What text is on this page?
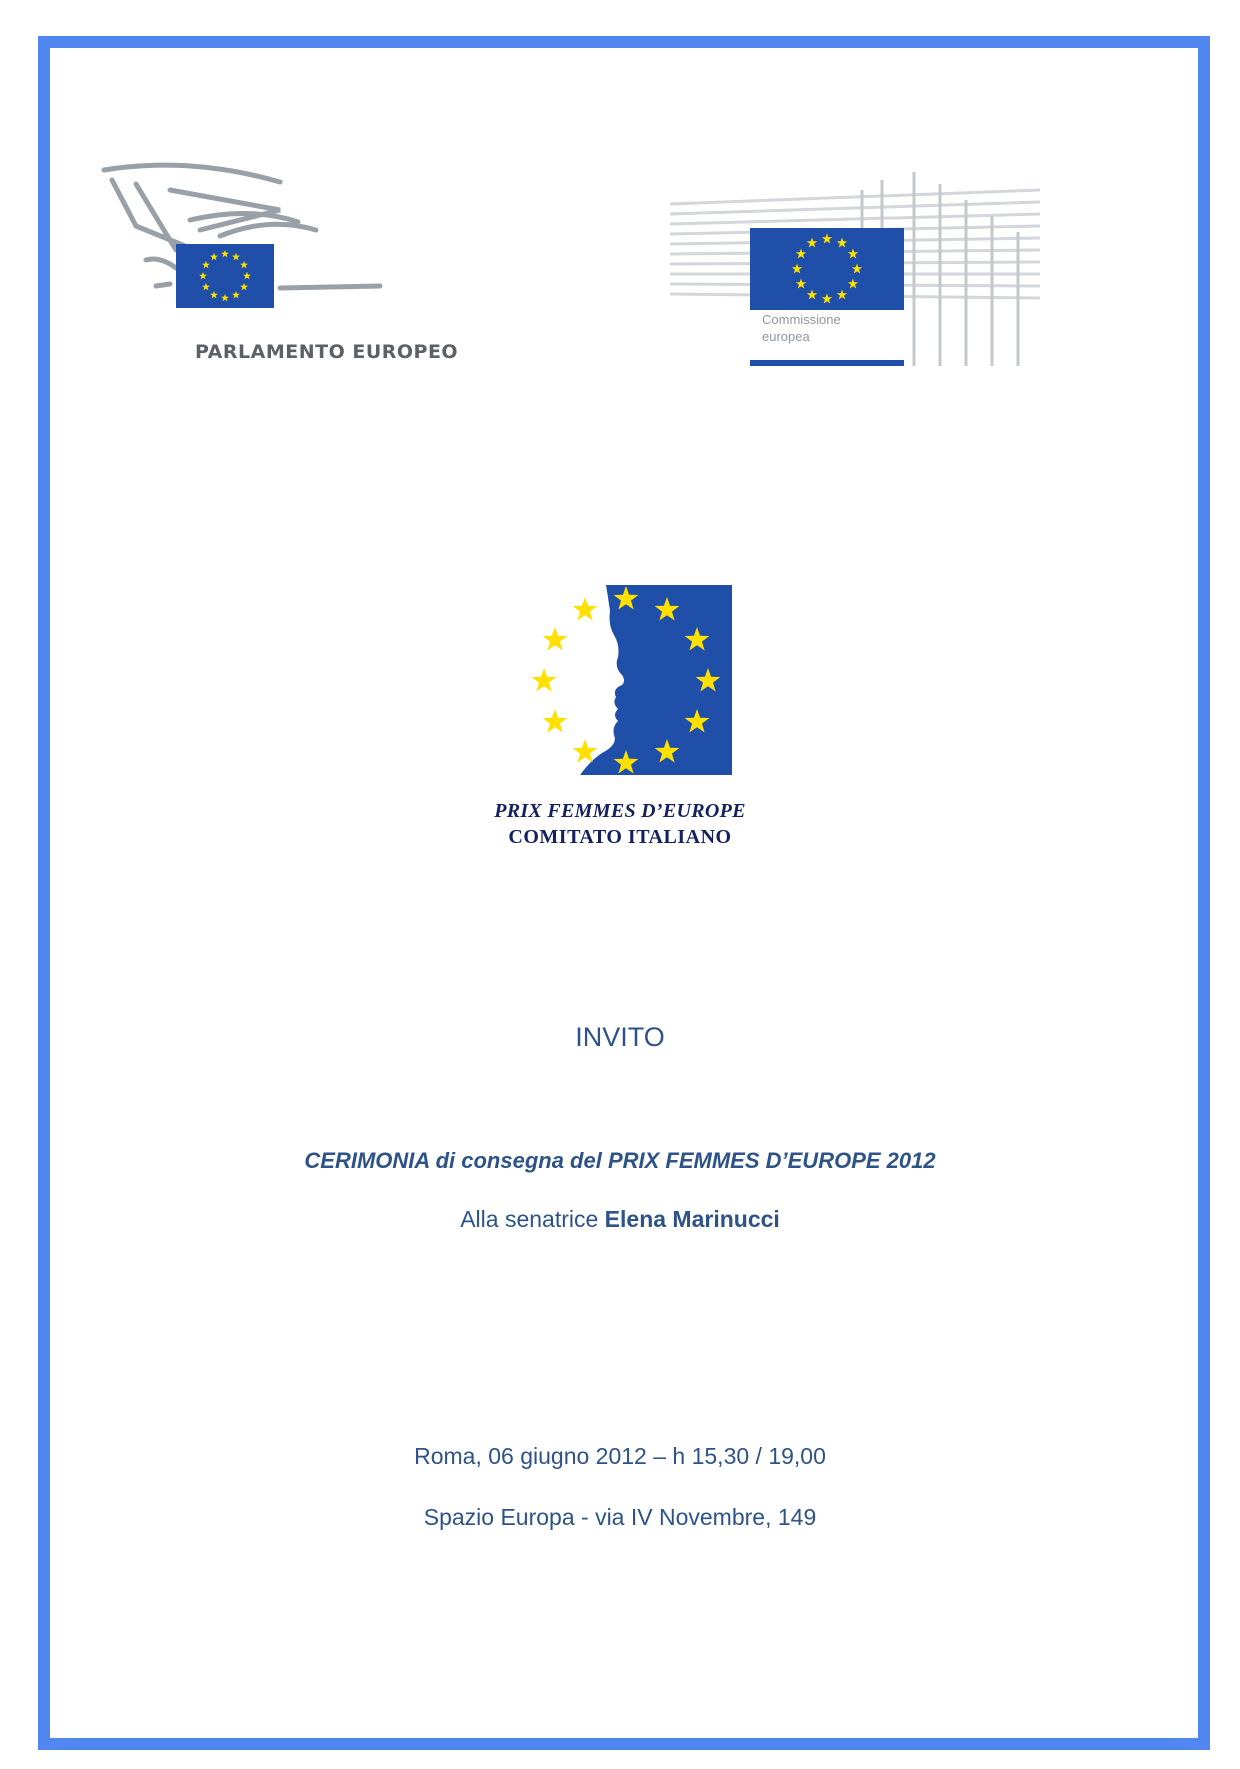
Commissione
europea
PARLAMENTO EUROPEO
PRIX FEMMES D’EUROPE
COMITATO ITALIANO
INVITO
CERIMONIA di consegna del PRIX FEMMES D’EUROPE 2012
Alla senatrice Elena Marinucci
Roma, 06 giugno 2012 – h 15,30 / 19,00
Spazio Europa - via IV Novembre, 149
